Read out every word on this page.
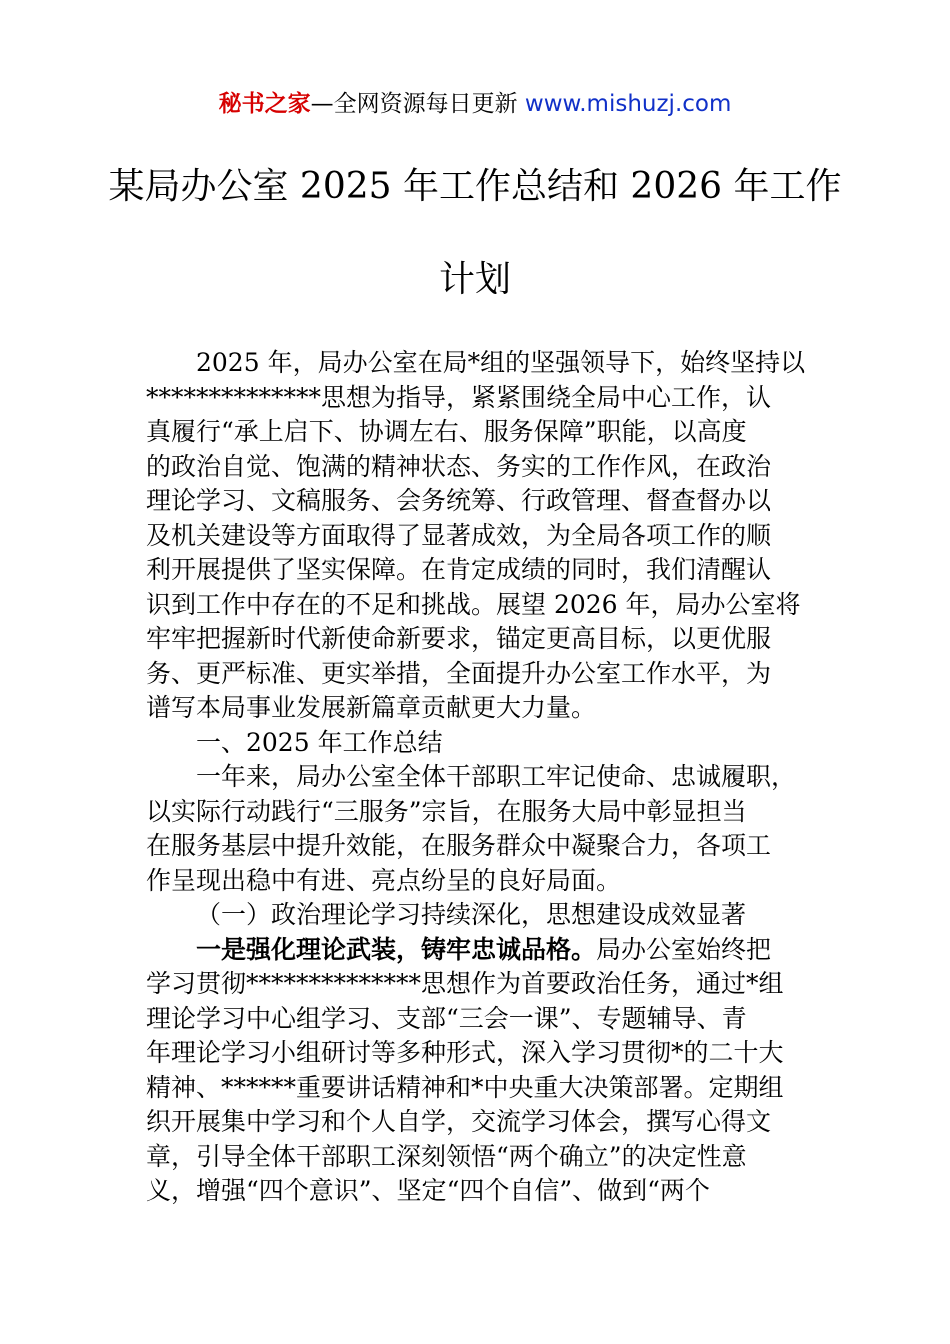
秘书之家—全网资源每日更新 www.mishuzj.com
某局办公室 2025 年工作总结和 2026 年工作
计划
2025 年，局办公室在局*组的坚强领导下，始终坚持以
**************思想为指导，紧紧围绕全局中心工作，认
真履行“承上启下、协调左右、服务保障”职能，以高度
的政治自觉、饱满的精神状态、务实的工作作风，在政治
理论学习、文稿服务、会务统筹、行政管理、督查督办以
及机关建设等方面取得了显著成效，为全局各项工作的顺
利开展提供了坚实保障。在肯定成绩的同时，我们清醒认
识到工作中存在的不足和挑战。展望 2026 年，局办公室将
牢牢把握新时代新使命新要求，锚定更高目标，以更优服
务、更严标准、更实举措，全面提升办公室工作水平，为
谱写本局事业发展新篇章贡献更大力量。
一、2025 年工作总结
一年来，局办公室全体干部职工牢记使命、忠诚履职，
以实际行动践行“三服务”宗旨，在服务大局中彰显担当
在服务基层中提升效能，在服务群众中凝聚合力，各项工
作呈现出稳中有进、亮点纷呈的良好局面。
（一）政治理论学习持续深化，思想建设成效显著
一是强化理论武装，铸牢忠诚品格。局办公室始终把
学习贯彻**************思想作为首要政治任务，通过*组
理论学习中心组学习、支部“三会一课”、专题辅导、青
年理论学习小组研讨等多种形式，深入学习贯彻*的二十大
精神、******重要讲话精神和*中央重大决策部署。定期组
织开展集中学习和个人自学，交流学习体会，撰写心得文
章，引导全体干部职工深刻领悟“两个确立”的决定性意
义，增强“四个意识”、坚定“四个自信”、做到“两个
